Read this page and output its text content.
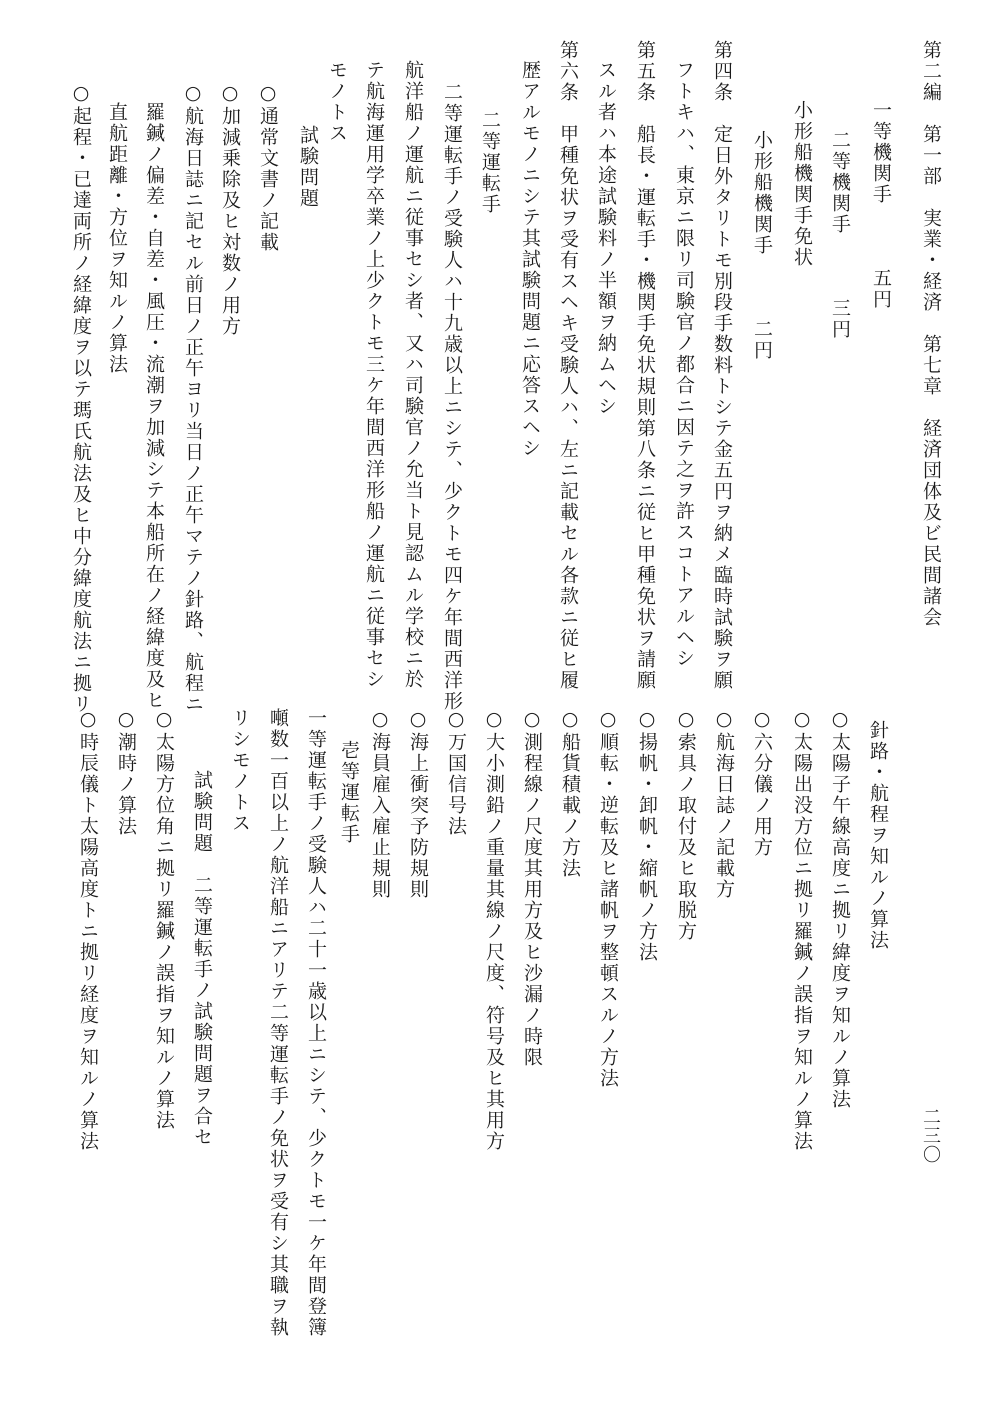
第二編　第一部　実業・経済　第七章　経済団体及ビ民間諸会

一等機関手　　　五円

二等機関手　　　三円

小形船機関手免状

小形船機関手　　　二円

第四条　定日外タリトモ別段手数料トシテ金五円ヲ納メ臨時試験ヲ願

フトキハ、東京ニ限リ司験官ノ都合ニ因テ之ヲ許スコトアルヘシ

第五条　船長・運転手・機関手免状規則第八条ニ従ヒ甲種免状ヲ請願

スル者ハ本途試験料ノ半額ヲ納ムヘシ

第六条　甲種免状ヲ受有スヘキ受験人ハ、左ニ記載セル各款ニ従ヒ履

歴アルモノニシテ其試験問題ニ応答スヘシ

二等運転手

二等運転手ノ受験人ハ十九歳以上ニシテ、少クトモ四ケ年間西洋形

航洋船ノ運航ニ従事セシ者、又ハ司験官ノ允当ト見認ムル学校ニ於

テ航海運用学卒業ノ上少クトモ三ケ年間西洋形船ノ運航ニ従事セシ

モノトス

試験問題

○通常文書ノ記載

○加減乗除及ヒ対数ノ用方

○航海日誌ニ記セル前日ノ正午ヨリ当日ノ正午マテノ針路、航程ニ

羅鍼ノ偏差・自差・風圧・流潮ヲ加減シテ本船所在ノ経緯度及ヒ

直航距離・方位ヲ知ルノ算法

○起程・已達両所ノ経緯度ヲ以テ瑪氏航法及ヒ中分緯度航法ニ拠リ

二三〇

針路・航程ヲ知ルノ算法

○太陽子午線高度ニ拠リ緯度ヲ知ルノ算法

○太陽出没方位ニ拠リ羅鍼ノ誤指ヲ知ルノ算法

○六分儀ノ用方

○航海日誌ノ記載方

○索具ノ取付及ヒ取脱方

○揚帆・卸帆・縮帆ノ方法

○順転・逆転及ヒ諸帆ヲ整頓スルノ方法

○船貨積載ノ方法

○測程線ノ尺度其用方及ヒ沙漏ノ時限

○大小測鉛ノ重量其線ノ尺度、符号及ヒ其用方

○万国信号法

○海上衝突予防規則

○海員雇入雇止規則

壱等運転手

一等運転手ノ受験人ハ二十一歳以上ニシテ、少クトモ一ケ年間登簿

噸数一百以上ノ航洋船ニアリテ二等運転手ノ免状ヲ受有シ其職ヲ執

リシモノトス

試験問題　二等運転手ノ試験問題ヲ合セ

○太陽方位角ニ拠リ羅鍼ノ誤指ヲ知ルノ算法

○潮時ノ算法

○時辰儀ト太陽高度トニ拠リ経度ヲ知ルノ算法
